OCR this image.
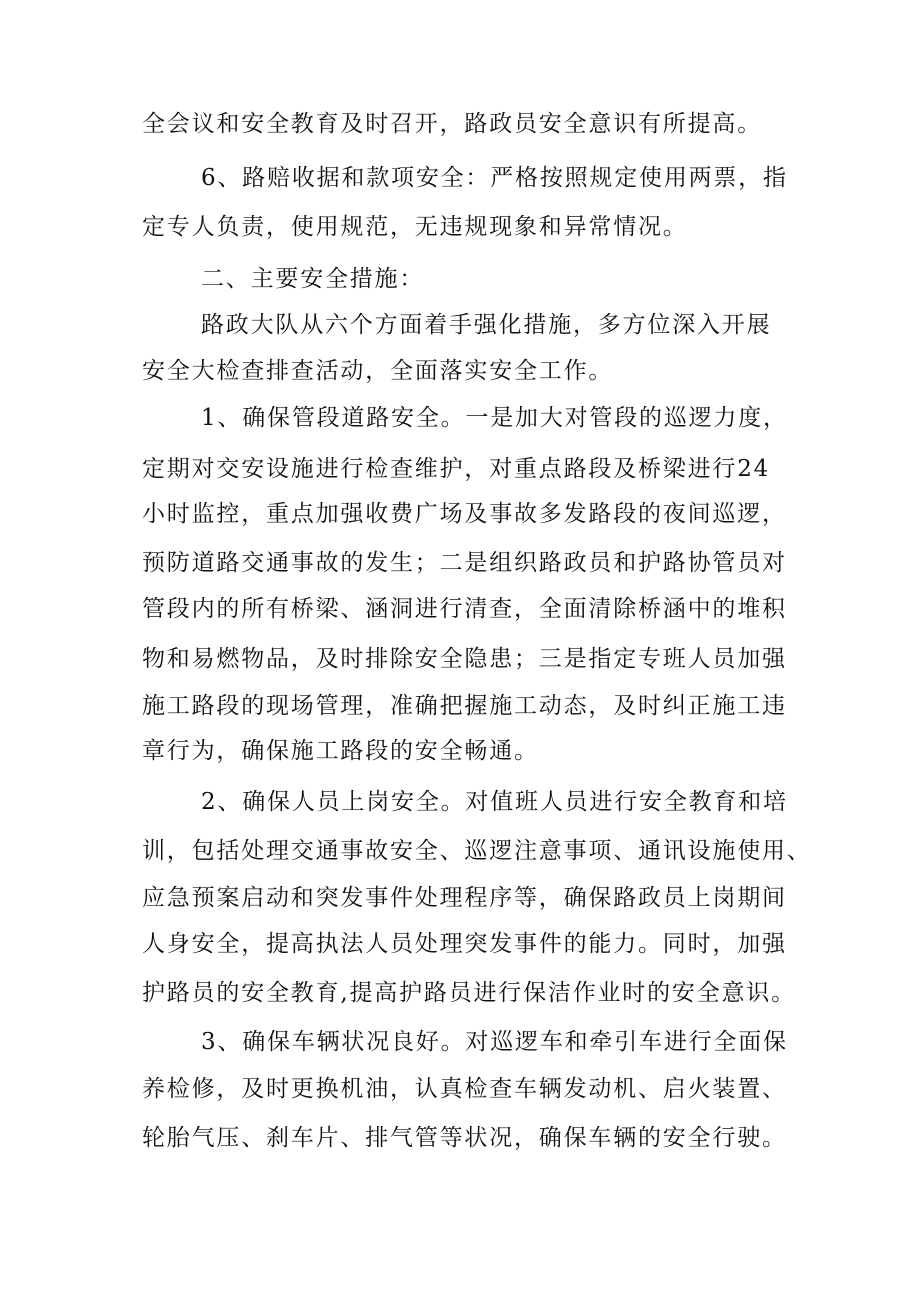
全会议和安全教育及时召开，路政员安全意识有所提高。
6、路赔收据和款项安全：严格按照规定使用两票，指
定专人负责，使用规范，无违规现象和异常情况。
二、主要安全措施：
路政大队从六个方面着手强化措施，多方位深入开展
安全大检查排查活动，全面落实安全工作。
1、确保管段道路安全。一是加大对管段的巡逻力度，
定期对交安设施进行检查维护，对重点路段及桥梁进行24
小时监控，重点加强收费广场及事故多发路段的夜间巡逻，
预防道路交通事故的发生；二是组织路政员和护路协管员对
管段内的所有桥梁、涵洞进行清查，全面清除桥涵中的堆积
物和易燃物品，及时排除安全隐患；三是指定专班人员加强
施工路段的现场管理，准确把握施工动态，及时纠正施工违
章行为，确保施工路段的安全畅通。
2、确保人员上岗安全。对值班人员进行安全教育和培
训，包括处理交通事故安全、巡逻注意事项、通讯设施使用、
应急预案启动和突发事件处理程序等，确保路政员上岗期间
人身安全，提高执法人员处理突发事件的能力。同时，加强
护路员的安全教育,提高护路员进行保洁作业时的安全意识。
3、确保车辆状况良好。对巡逻车和牵引车进行全面保
养检修，及时更换机油，认真检查车辆发动机、启火装置、
轮胎气压、刹车片、排气管等状况，确保车辆的安全行驶。
